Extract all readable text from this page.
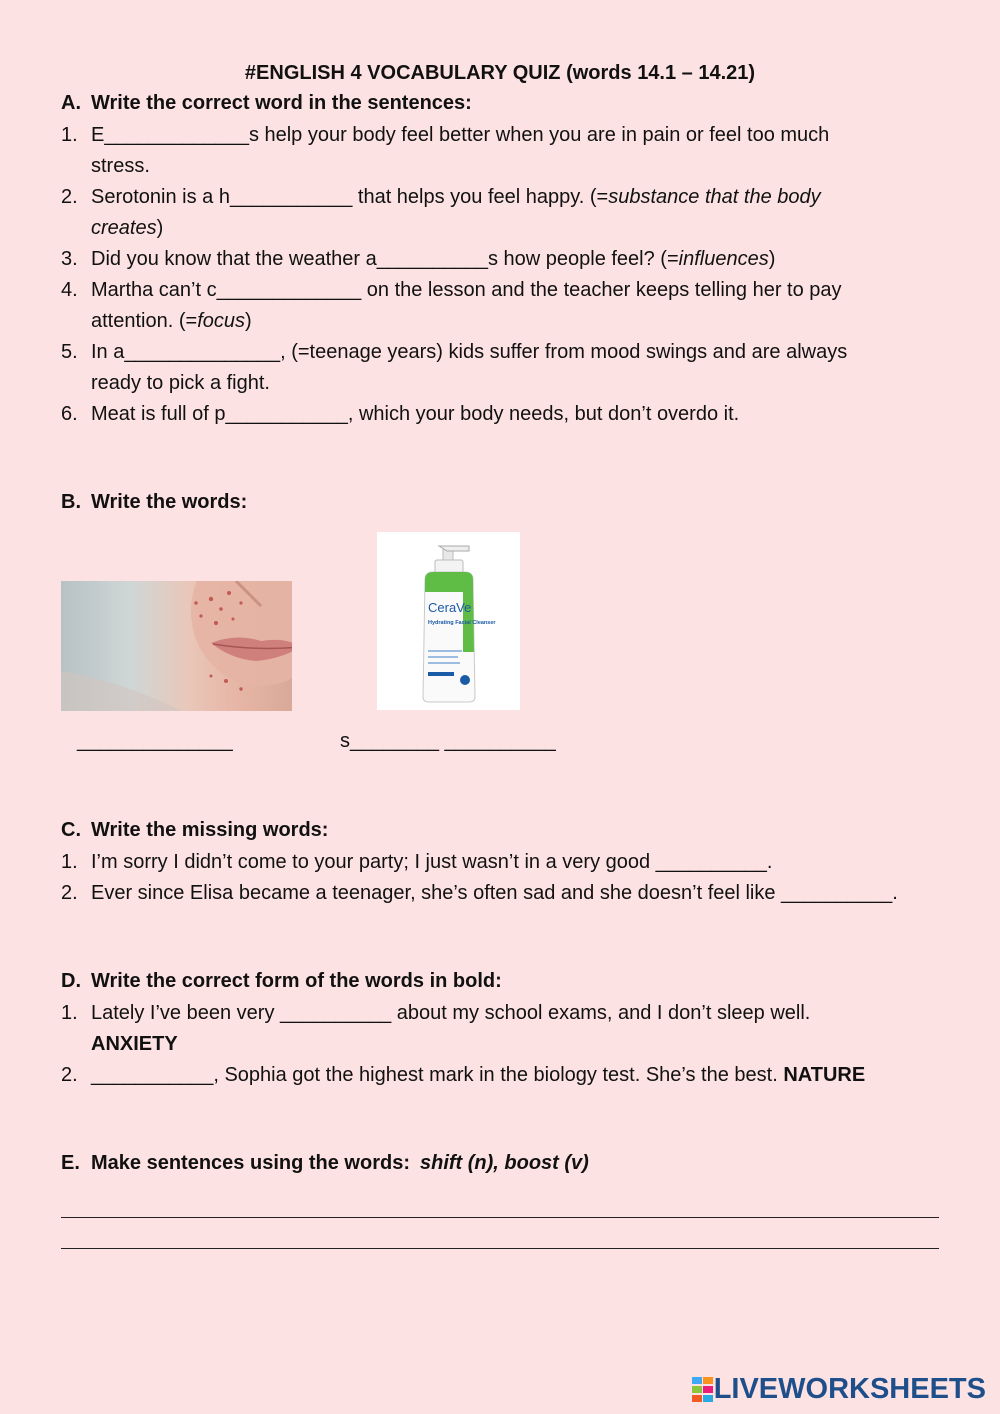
#ENGLISH 4 VOCABULARY QUIZ (words 14.1 – 14.21)
A. Write the correct word in the sentences:
1. E_____________s help your body feel better when you are in pain or feel too much
stress.
2. Serotonin is a h___________ that helps you feel happy. (=substance that the body
creates)
3. Did you know that the weather a__________s how people feel? (=influences)
4. Martha can’t c_____________ on the lesson and the teacher keeps telling her to pay
attention. (=focus)
5. In a______________, (=teenage years) kids suffer from mood swings and are always
ready to pick a fight.
6. Meat is full of p___________, which your body needs, but don’t overdo it.
B. Write the words:
CeraVe
Hydrating Facial Cleanser
______________	s________ __________
C. Write the missing words:
1. I’m sorry I didn’t come to your party; I just wasn’t in a very good __________.
2. Ever since Elisa became a teenager, she’s often sad and she doesn’t feel like __________.
D. Write the correct form of the words in bold:
1. Lately I’ve been very __________ about my school exams, and I don’t sleep well.
ANXIETY
2. ___________, Sophia got the highest mark in the biology test. She’s the best. NATURE
E. Make sentences using the words: shift (n), boost (v)
LIVEWORKSHEETS
